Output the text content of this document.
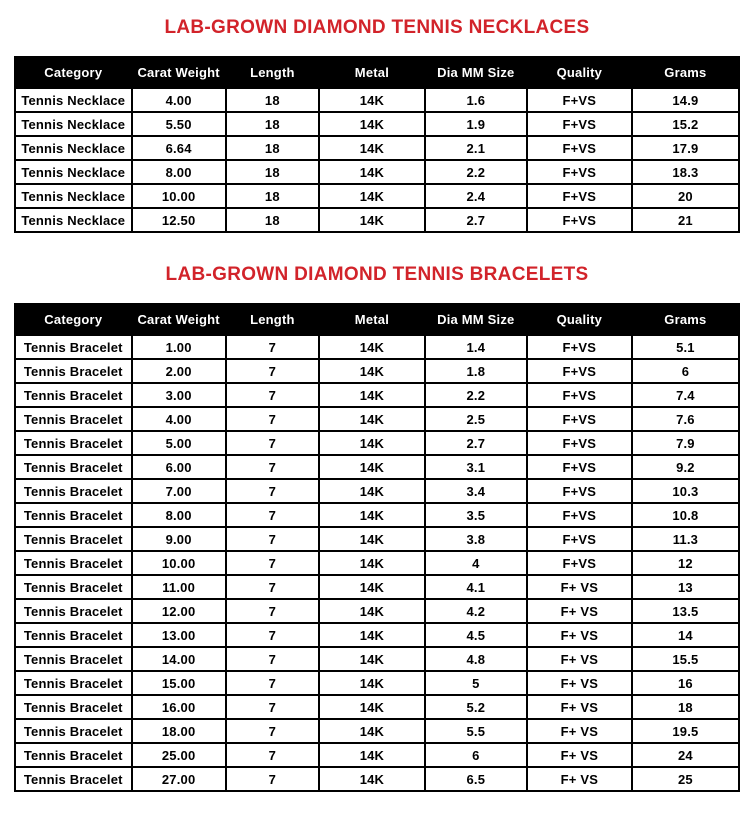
LAB-GROWN DIAMOND TENNIS NECKLACES
Category	Carat Weight	Length	Metal	Dia MM Size	Quality	Grams
Tennis Necklace	4.00	18	14K	1.6	F+VS	14.9
Tennis Necklace	5.50	18	14K	1.9	F+VS	15.2
Tennis Necklace	6.64	18	14K	2.1	F+VS	17.9
Tennis Necklace	8.00	18	14K	2.2	F+VS	18.3
Tennis Necklace	10.00	18	14K	2.4	F+VS	20
Tennis Necklace	12.50	18	14K	2.7	F+VS	21
LAB-GROWN DIAMOND TENNIS BRACELETS
Category	Carat Weight	Length	Metal	Dia MM Size	Quality	Grams
Tennis Bracelet	1.00	7	14K	1.4	F+VS	5.1
Tennis Bracelet	2.00	7	14K	1.8	F+VS	6
Tennis Bracelet	3.00	7	14K	2.2	F+VS	7.4
Tennis Bracelet	4.00	7	14K	2.5	F+VS	7.6
Tennis Bracelet	5.00	7	14K	2.7	F+VS	7.9
Tennis Bracelet	6.00	7	14K	3.1	F+VS	9.2
Tennis Bracelet	7.00	7	14K	3.4	F+VS	10.3
Tennis Bracelet	8.00	7	14K	3.5	F+VS	10.8
Tennis Bracelet	9.00	7	14K	3.8	F+VS	11.3
Tennis Bracelet	10.00	7	14K	4	F+VS	12
Tennis Bracelet	11.00	7	14K	4.1	F+ VS	13
Tennis Bracelet	12.00	7	14K	4.2	F+ VS	13.5
Tennis Bracelet	13.00	7	14K	4.5	F+ VS	14
Tennis Bracelet	14.00	7	14K	4.8	F+ VS	15.5
Tennis Bracelet	15.00	7	14K	5	F+ VS	16
Tennis Bracelet	16.00	7	14K	5.2	F+ VS	18
Tennis Bracelet	18.00	7	14K	5.5	F+ VS	19.5
Tennis Bracelet	25.00	7	14K	6	F+ VS	24
Tennis Bracelet	27.00	7	14K	6.5	F+ VS	25
